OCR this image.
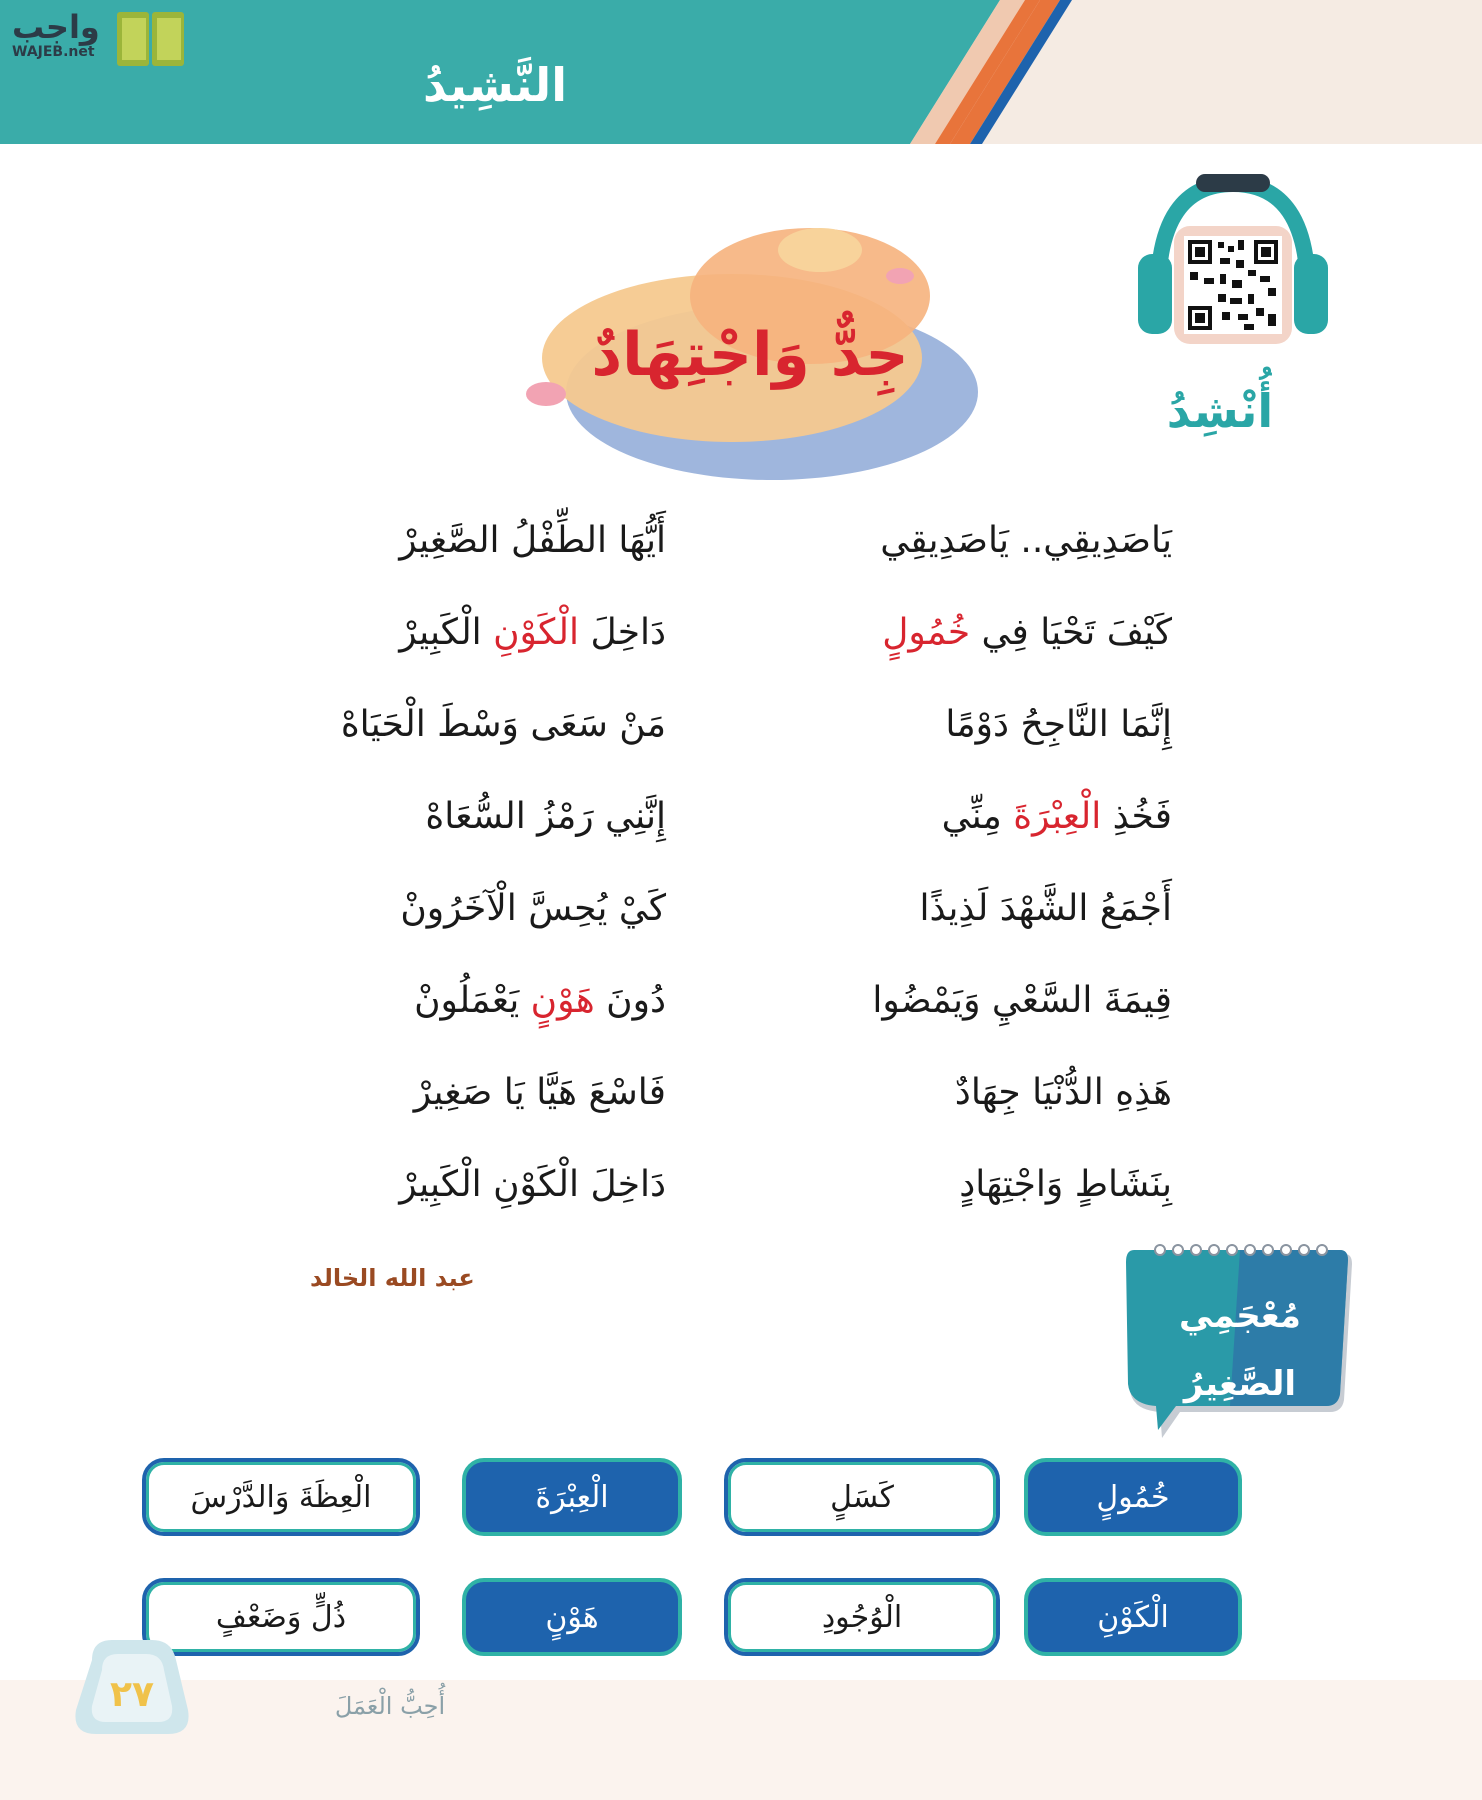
واجب
WAJEB.net
النَّشِيدُ
أُنْشِدُ
جِدٌّ وَاجْتِهَادٌ
يَاصَدِيقِي.. يَاصَدِيقِي
أَيُّهَا الطِّفْلُ الصَّغِيرْ
كَيْفَ تَحْيَا فِي خُمُولٍ
دَاخِلَ الْكَوْنِ الْكَبِيرْ
إِنَّمَا النَّاجِحُ دَوْمًا
مَنْ سَعَى وَسْطَ الْحَيَاهْ
فَخُذِ الْعِبْرَةَ مِنِّي
إِنَّنِي رَمْزُ السُّعَاهْ
أَجْمَعُ الشَّهْدَ لَذِيذًا
كَيْ يُحِسَّ الْآخَرُونْ
قِيمَةَ السَّعْيِ وَيَمْضُوا
دُونَ هَوْنٍ يَعْمَلُونْ
هَذِهِ الدُّنْيَا جِهَادٌ
فَاسْعَ هَيَّا يَا صَغِيرْ
بِنَشَاطٍ وَاجْتِهَادٍ
دَاخِلَ الْكَوْنِ الْكَبِيرْ
عبد الله الخالد
مُعْجَمِي
الصَّغِيرُ
خُمُولٍ
كَسَلٍ
الْعِبْرَةَ
الْعِظَةَ وَالدَّرْسَ
الْكَوْنِ
الْوُجُودِ
هَوْنٍ
ذُلٍّ وَضَعْفٍ
٢٧	أُحِبُّ الْعَمَلَ
